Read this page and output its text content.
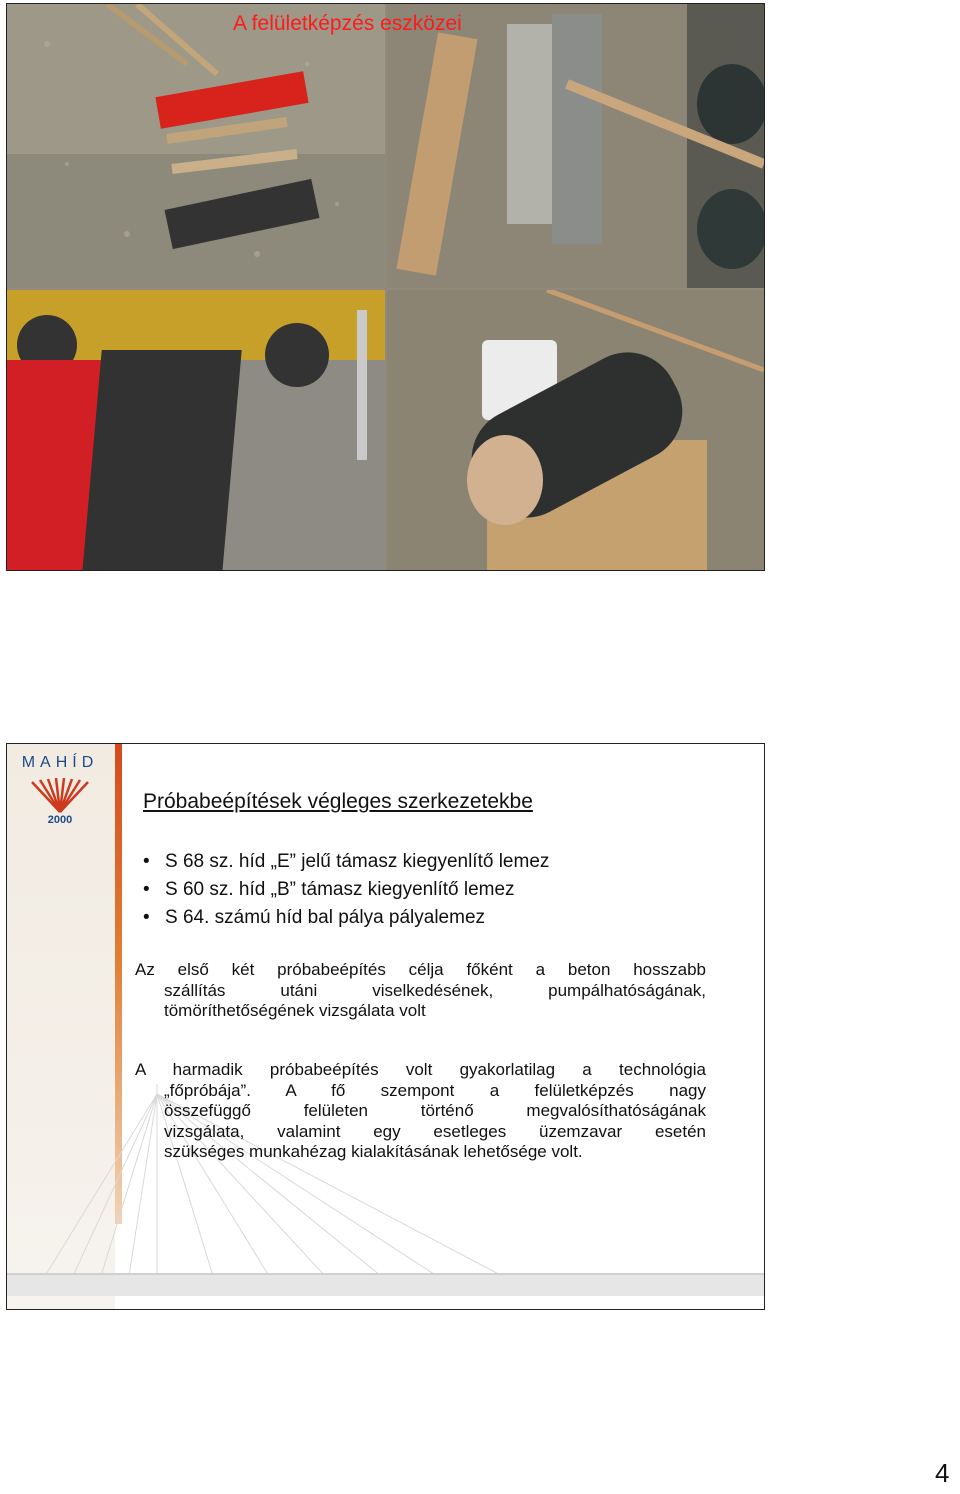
A felületképzés eszközei
MAHÍD
2000
Próbabeépítések végleges szerkezetekbe
• S 68 sz. híd „E” jelű támasz kiegyenlítő lemez
• S 60 sz. híd „B” támasz kiegyenlítő lemez
• S 64. számú híd bal pálya pályalemez
Az első két próbabeépítés célja főként a beton hosszabb
szállítás utáni viselkedésének, pumpálhatóságának,
tömöríthetőségének vizsgálata volt
A harmadik próbabeépítés volt gyakorlatilag a technológia
„főpróbája”. A fő szempont a felületképzés nagy
összefüggő felületen történő megvalósíthatóságának
vizsgálata, valamint egy esetleges üzemzavar esetén
szükséges munkahézag kialakításának lehetősége volt.
4
